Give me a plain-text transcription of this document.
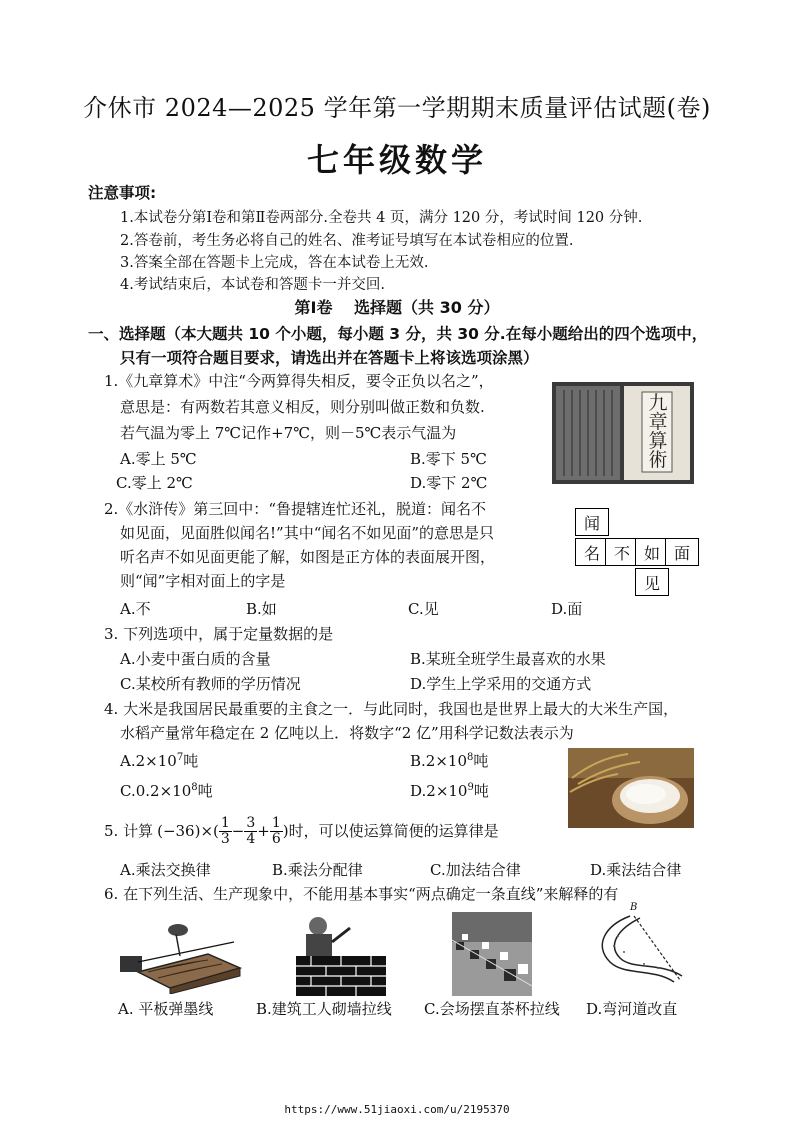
介休市 2024—2025 学年第一学期期末质量评估试题(卷)
七年级数学
注意事项:
1.本试卷分第Ⅰ卷和第Ⅱ卷两部分.全卷共 4 页，满分 120 分，考试时间 120 分钟.
2.答卷前，考生务必将自己的姓名、准考证号填写在本试卷相应的位置.
3.答案全部在答题卡上完成，答在本试卷上无效.
4.考试结束后，本试卷和答题卡一并交回.
第Ⅰ卷　 选择题（共 30 分）
一、选择题（本大题共 10 个小题，每小题 3 分，共 30 分.在每小题给出的四个选项中，
只有一项符合题目要求，请选出并在答题卡上将该选项涂黑）
1.《九章算术》中注“今两算得失相反，要令正负以名之”，
意思是：有两数若其意义相反，则分别叫做正数和负数.
若气温为零上 7℃记作+7℃，则－5℃表示气温为
A.零上 5℃	B.零下 5℃
C.零上 2℃	D.零下 2℃
九章算術
2.《水浒传》第三回中：“鲁提辖连忙还礼，脱道：闻名不
如见面，见面胜似闻名!”其中“闻名不如见面”的意思是只
听名声不如见面更能了解，如图是正方体的表面展开图，
则“闻”字相对面上的字是
A.不	B.如	C.见	D.面
闻
名 不 如 面
见
3. 下列选项中，属于定量数据的是
A.小麦中蛋白质的含量	B.某班全班学生最喜欢的水果
C.某校所有教师的学历情况	D.学生上学采用的交通方式
4. 大米是我国居民最重要的主食之一．与此同时，我国也是世界上最大的大米生产国，
水稻产量常年稳定在 2 亿吨以上．将数字“2 亿”用科学记数法表示为
$A.2\times 10^7$吨	$B.2\times 10^8$吨
$C.0.2\times 10^8$吨	$D.2\times 10^9$吨
5. 计算 $(-36)\times( \frac{1}{3} - \frac{3}{4} + \frac{1}{6}$ )时，可以使运算简便的运算律是
A.乘法交换律	B.乘法分配律	C.加法结合律	D.乘法结合律
6. 在下列生活、生产现象中，不能用基本事实“两点确定一条直线”来解释的有
B
A. 平板弹墨线	B.建筑工人砌墙拉线 C.会场摆直茶杯拉线 D.弯河道改直
https://www.51jiaoxi.com/u/2195370
